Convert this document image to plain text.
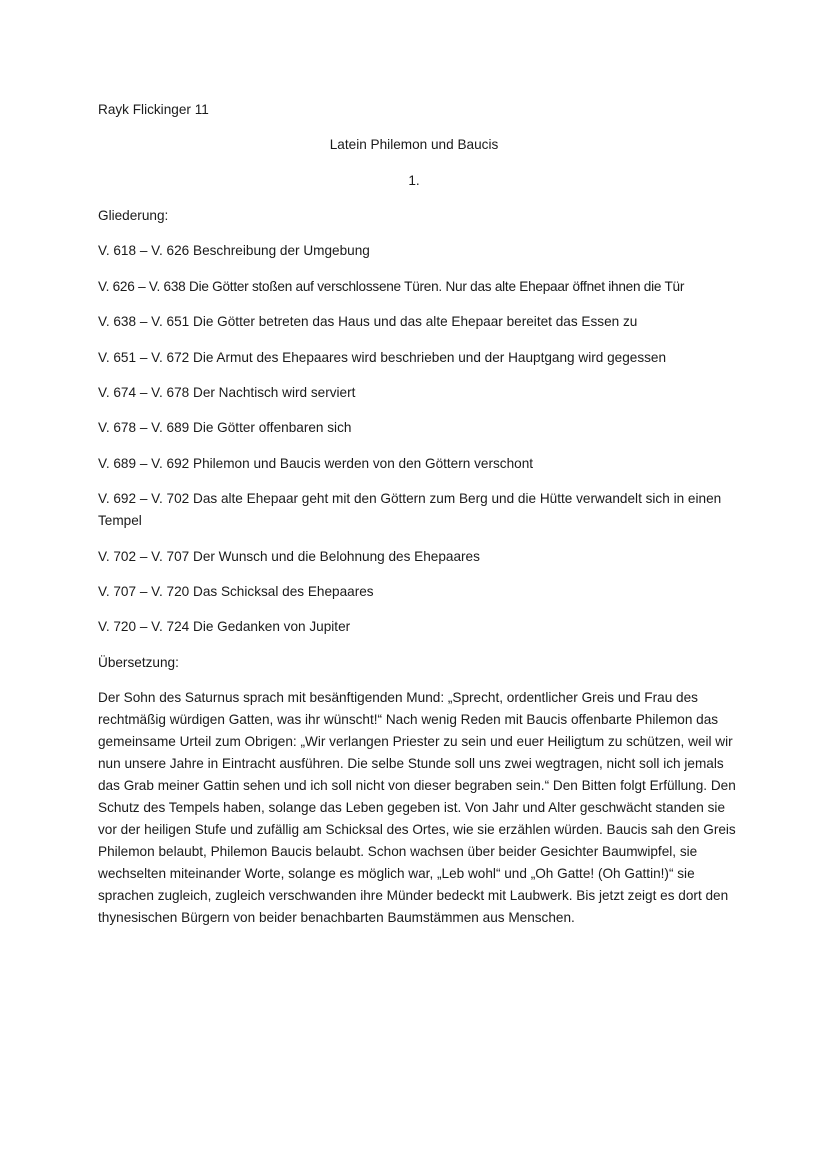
Rayk Flickinger 11
Latein Philemon und Baucis
1.

Gliederung:

V. 618 – V. 626 Beschreibung der Umgebung

V. 626 – V. 638 Die Götter stoßen auf verschlossene Türen. Nur das alte Ehepaar öffnet ihnen die Tür

V. 638 – V. 651 Die Götter betreten das Haus und das alte Ehepaar bereitet das Essen zu

V. 651 – V. 672 Die Armut des Ehepaares wird beschrieben und der Hauptgang wird gegessen

V. 674 – V. 678 Der Nachtisch wird serviert

V. 678 – V. 689 Die Götter offenbaren sich

V. 689 – V. 692 Philemon und Baucis werden von den Göttern verschont

V. 692 – V. 702 Das alte Ehepaar geht mit den Göttern zum Berg und die Hütte verwandelt sich in einen Tempel

V. 702 – V. 707 Der Wunsch und die Belohnung des Ehepaares

V. 707 – V. 720 Das Schicksal des Ehepaares

V. 720 – V. 724 Die Gedanken von Jupiter

Übersetzung:

Der Sohn des Saturnus sprach mit besänftigenden Mund: „Sprecht, ordentlicher Greis und Frau des rechtmäßig würdigen Gatten, was ihr wünscht!“ Nach wenig Reden mit Baucis offenbarte Philemon das gemeinsame Urteil zum Obrigen: „Wir verlangen Priester zu sein und euer Heiligtum zu schützen, weil wir nun unsere Jahre in Eintracht ausführen. Die selbe Stunde soll uns zwei wegtragen, nicht soll ich jemals das Grab meiner Gattin sehen und ich soll nicht von dieser begraben sein.“ Den Bitten folgt Erfüllung. Den Schutz des Tempels haben, solange das Leben gegeben ist. Von Jahr und Alter geschwächt standen sie vor der heiligen Stufe und zufällig am Schicksal des Ortes, wie sie erzählen würden. Baucis sah den Greis Philemon belaubt, Philemon Baucis belaubt. Schon wachsen über beider Gesichter Baumwipfel, sie wechselten miteinander Worte, solange es möglich war, „Leb wohl“ und „Oh Gatte! (Oh Gattin!)“ sie sprachen zugleich, zugleich verschwanden ihre Münder bedeckt mit Laubwerk. Bis jetzt zeigt es dort den thynesischen Bürgern von beider benachbarten Baumstämmen aus Menschen.
